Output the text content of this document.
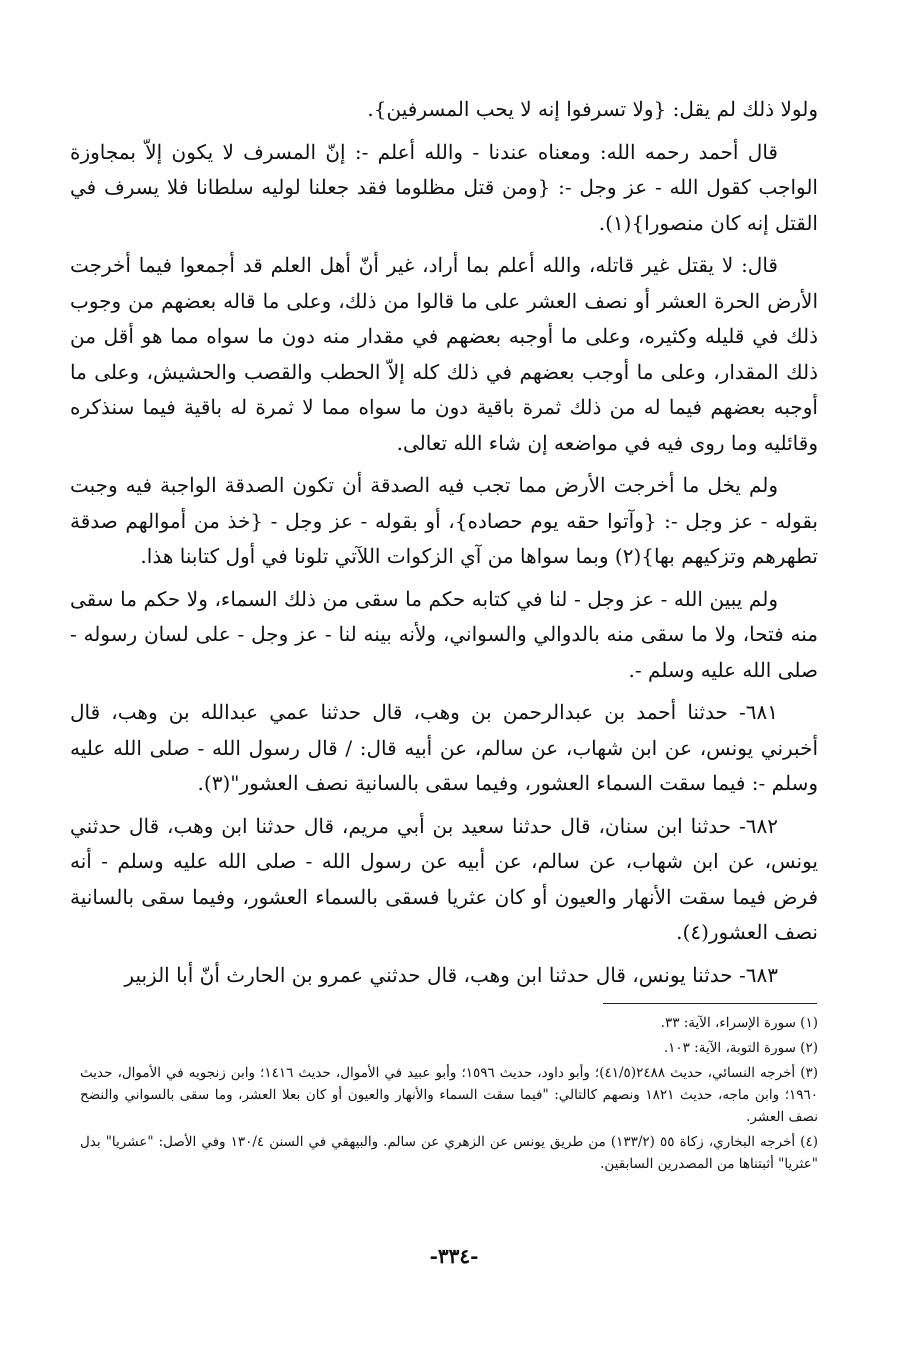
ولولا ذلك لم يقل: {ولا تسرفوا إنه لا يحب المسرفين}.

قال أحمد رحمه الله: ومعناه عندنا - والله أعلم -: إنّ المسرف لا يكون إلاّ بمجاوزة الواجب كقول الله - عز وجل -: {ومن قتل مظلوما فقد جعلنا لوليه سلطانا فلا يسرف في القتل إنه كان منصورا}(١).

قال: لا يقتل غير قاتله، والله أعلم بما أراد، غير أنّ أهل العلم قد أجمعوا فيما أخرجت الأرض الحرة العشر أو نصف العشر على ما قالوا من ذلك، وعلى ما قاله بعضهم من وجوب ذلك في قليله وكثيره، وعلى ما أوجبه بعضهم في مقدار منه دون ما سواه مما هو أقل من ذلك المقدار، وعلى ما أوجب بعضهم في ذلك كله إلاّ الحطب والقصب والحشيش، وعلى ما أوجبه بعضهم فيما له من ذلك ثمرة باقية دون ما سواه مما لا ثمرة له باقية فيما سنذكره وقائليه وما روى فيه في مواضعه إن شاء الله تعالى.

ولم يخل ما أخرجت الأرض مما تجب فيه الصدقة أن تكون الصدقة الواجبة فيه وجبت بقوله - عز وجل -: {وآتوا حقه يوم حصاده}، أو بقوله - عز وجل - {خذ من أموالهم صدقة تطهرهم وتزكيهم بها}(٢) وبما سواها من آي الزكوات اللآتي تلونا في أول كتابنا هذا.

ولم يبين الله - عز وجل - لنا في كتابه حكم ما سقى من ذلك السماء، ولا حكم ما سقى منه فتحا، ولا ما سقى منه بالدوالي والسواني، ولأنه بينه لنا - عز وجل - على لسان رسوله - صلى الله عليه وسلم -.

٦٨١- حدثنا أحمد بن عبدالرحمن بن وهب، قال حدثنا عمي عبدالله بن وهب، قال أخبرني يونس، عن ابن شهاب، عن سالم، عن أبيه قال: / قال رسول الله - صلى الله عليه وسلم -: فيما سقت السماء العشور، وفيما سقى بالسانية نصف العشور"(٣).

٦٨٢- حدثنا ابن سنان، قال حدثنا سعيد بن أبي مريم، قال حدثنا ابن وهب، قال حدثني يونس، عن ابن شهاب، عن سالم، عن أبيه عن رسول الله - صلى الله عليه وسلم - أنه فرض فيما سقت الأنهار والعيون أو كان عثريا فسقى بالسماء العشور، وفيما سقى بالسانية نصف العشور(٤).

٦٨٣- حدثنا يونس، قال حدثنا ابن وهب، قال حدثني عمرو بن الحارث أنّ أبا الزبير

(١) سورة الإسراء، الآية: ٣٣.

(٢) سورة التوبة، الآية: ١٠٣.

(٣) أخرجه النسائي، حديث ٢٤٨٨(٤١/٥)؛ وأبو داود، حديث ١٥٩٦؛ وأبو عبيد في الأموال، حديث ١٤١٦؛ وابن زنجويه في الأموال، حديث ١٩٦٠؛ وابن ماجه، حديث ١٨٢١ ونصهم كالتالي: "فيما سقت السماء والأنهار والعيون أو كان بعلا العشر، وما سقى بالسواني والنضح نصف العشر.

(٤) أخرجه البخاري، زكاة ٥٥ (١٣٣/٢) من طريق يونس عن الزهري عن سالم. والبيهقي في السنن ١٣٠/٤ وفي الأصل: "عشريا" بدل "عثريا" أثبتناها من المصدرين السابقين.

-٣٣٤-
